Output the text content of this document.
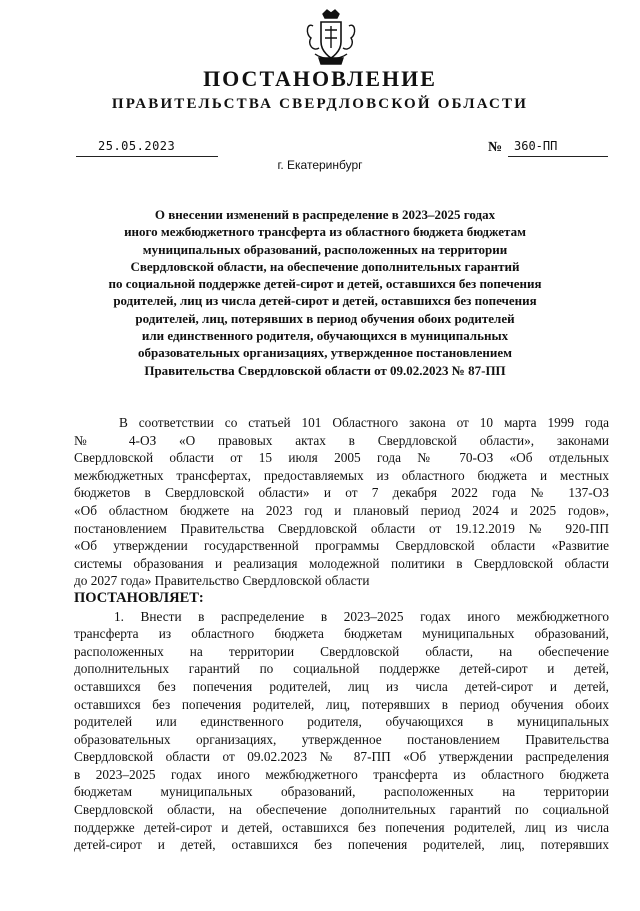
ПОСТАНОВЛЕНИЕ
ПРАВИТЕЛЬСТВА СВЕРДЛОВСКОЙ ОБЛАСТИ
25.05.2023	№ 360-ПП
г. Екатеринбург
О внесении изменений в распределение в 2023–2025 годах
иного межбюджетного трансферта из областного бюджета бюджетам
муниципальных образований, расположенных на территории
Свердловской области, на обеспечение дополнительных гарантий
по социальной поддержке детей-сирот и детей, оставшихся без попечения
родителей, лиц из числа детей-сирот и детей, оставшихся без попечения
родителей, лиц, потерявших в период обучения обоих родителей
или единственного родителя, обучающихся в муниципальных
образовательных организациях, утвержденное постановлением
Правительства Свердловской области от 09.02.2023 № 87-ПП
В соответствии со статьей 101 Областного закона от 10 марта 1999 года
№ 4-ОЗ «О правовых актах в Свердловской области», законами
Свердловской области от 15 июля 2005 года № 70-ОЗ «Об отдельных
межбюджетных трансфертах, предоставляемых из областного бюджета и местных
бюджетов в Свердловской области» и от 7 декабря 2022 года № 137-ОЗ
«Об областном бюджете на 2023 год и плановый период 2024 и 2025 годов»,
постановлением Правительства Свердловской области от 19.12.2019 № 920-ПП
«Об утверждении государственной программы Свердловской области «Развитие
системы образования и реализация молодежной политики в Свердловской области
до 2027 года» Правительство Свердловской области
ПОСТАНОВЛЯЕТ:
1. Внести в распределение в 2023–2025 годах иного межбюджетного
трансферта из областного бюджета бюджетам муниципальных образований,
расположенных на территории Свердловской области, на обеспечение
дополнительных гарантий по социальной поддержке детей-сирот и детей,
оставшихся без попечения родителей, лиц из числа детей-сирот и детей,
оставшихся без попечения родителей, лиц, потерявших в период обучения обоих
родителей или единственного родителя, обучающихся в муниципальных
образовательных организациях, утвержденное постановлением Правительства
Свердловской области от 09.02.2023 № 87-ПП «Об утверждении распределения
в 2023–2025 годах иного межбюджетного трансферта из областного бюджета
бюджетам муниципальных образований, расположенных на территории
Свердловской области, на обеспечение дополнительных гарантий по социальной
поддержке детей-сирот и детей, оставшихся без попечения родителей, лиц из числа
детей-сирот и детей, оставшихся без попечения родителей, лиц, потерявших
